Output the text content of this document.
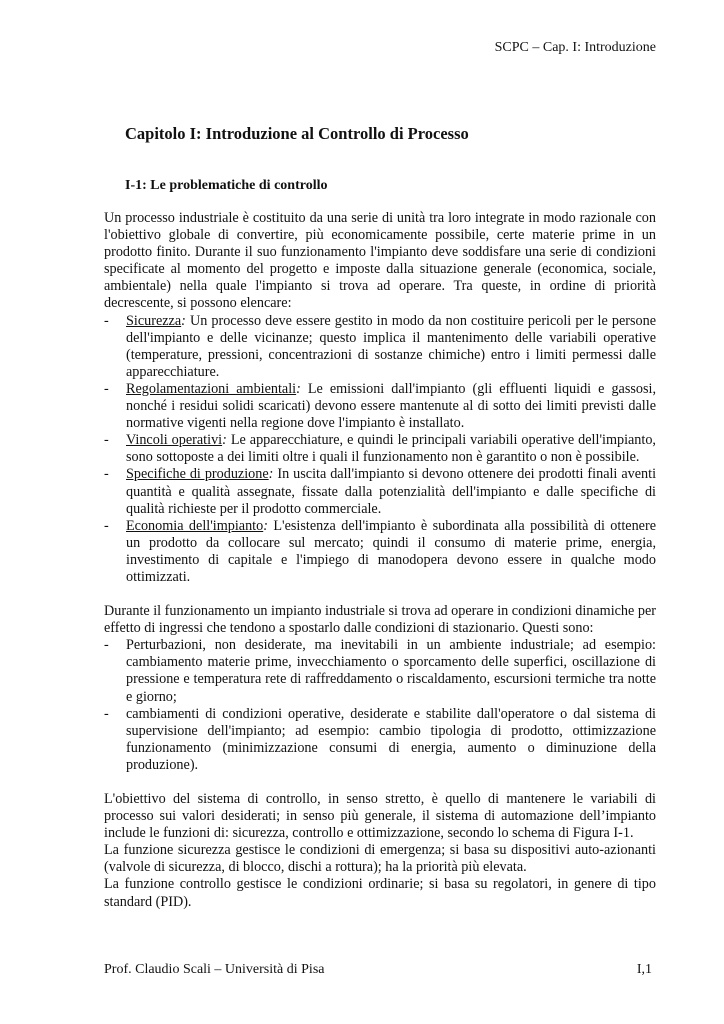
SCPC – Cap. I: Introduzione
Capitolo I: Introduzione al Controllo di Processo
I-1: Le problematiche di controllo

Un processo industriale è costituito da una serie di unità tra loro integrate in modo razionale con l'obiettivo globale di convertire, più economicamente possibile, certe materie prime in un prodotto finito. Durante il suo funzionamento l'impianto deve soddisfare una serie di condizioni specificate al momento del progetto e imposte dalla situazione generale (economica, sociale, ambientale) nella quale l'impianto si trova ad operare. Tra queste, in ordine di priorità decrescente, si possono elencare:

- Sicurezza: Un processo deve essere gestito in modo da non costituire pericoli per le persone dell'impianto e delle vicinanze; questo implica il mantenimento delle variabili operative (temperature, pressioni, concentrazioni di sostanze chimiche) entro i limiti permessi dalle apparecchiature.
- Regolamentazioni ambientali: Le emissioni dall'impianto (gli effluenti liquidi e gassosi, nonché i residui solidi scaricati) devono essere mantenute al di sotto dei limiti previsti dalle normative vigenti nella regione dove l'impianto è installato.
- Vincoli operativi: Le apparecchiature, e quindi le principali variabili operative dell'impianto, sono sottoposte a dei limiti oltre i quali il funzionamento non è garantito o non è possibile.
- Specifiche di produzione: In uscita dall'impianto si devono ottenere dei prodotti finali aventi quantità e qualità assegnate, fissate dalla potenzialità dell'impianto e dalle specifiche di qualità richieste per il prodotto commerciale.
- Economia dell'impianto: L'esistenza dell'impianto è subordinata alla possibilità di ottenere un prodotto da collocare sul mercato; quindi il consumo di materie prime, energia, investimento di capitale e l'impiego di manodopera devono essere in qualche modo ottimizzati.

Durante il funzionamento un impianto industriale si trova ad operare in condizioni dinamiche per effetto di ingressi che tendono a spostarlo dalle condizioni di stazionario. Questi sono:

- Perturbazioni, non desiderate, ma inevitabili in un ambiente industriale; ad esempio: cambiamento materie prime, invecchiamento o sporcamento delle superfici, oscillazione di pressione e temperatura rete di raffreddamento o riscaldamento, escursioni termiche tra notte e giorno;
- cambiamenti di condizioni operative, desiderate e stabilite dall'operatore o dal sistema di supervisione dell'impianto; ad esempio: cambio tipologia di prodotto, ottimizzazione funzionamento (minimizzazione consumi di energia, aumento o diminuzione della produzione).

L'obiettivo del sistema di controllo, in senso stretto, è quello di mantenere le variabili di processo sui valori desiderati; in senso più generale, il sistema di automazione dell’impianto include le funzioni di: sicurezza, controllo e ottimizzazione, secondo lo schema di Figura I-1.

La funzione sicurezza gestisce le condizioni di emergenza; si basa su dispositivi auto-azionanti (valvole di sicurezza, di blocco, dischi a rottura); ha la priorità più elevata.

La funzione controllo gestisce le condizioni ordinarie; si basa su regolatori, in genere di tipo standard (PID).

Prof. Claudio Scali – Università di Pisa	I,1
